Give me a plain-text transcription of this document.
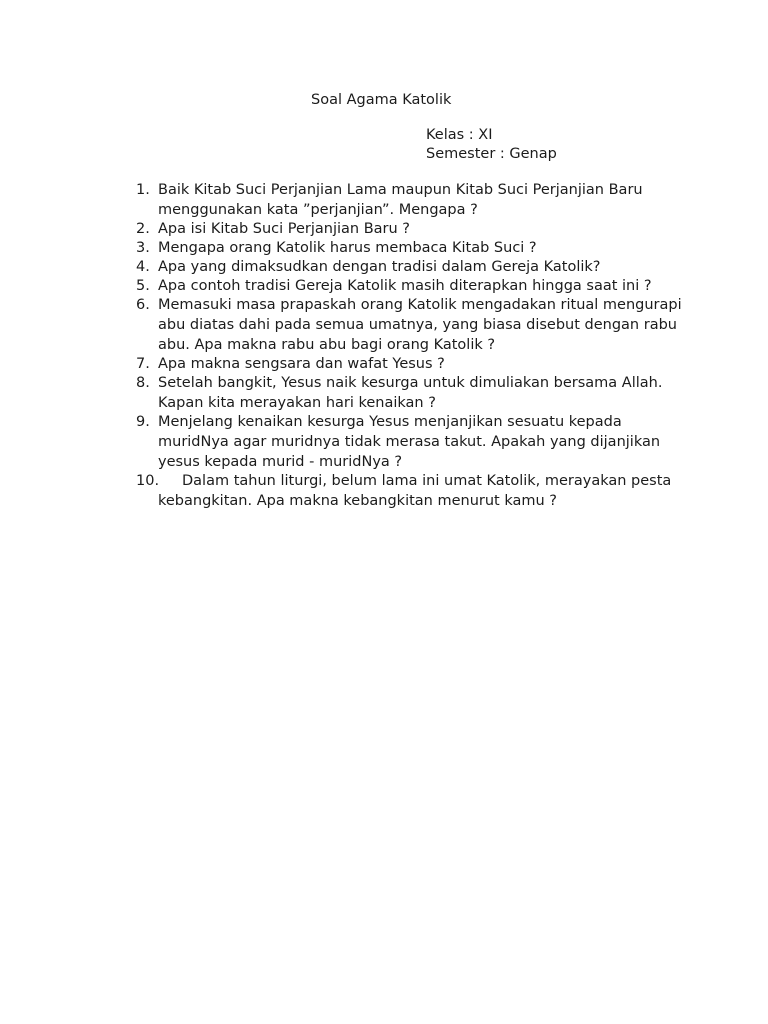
Soal Agama Katolik
Kelas : XI
Semester : Genap
1. Baik Kitab Suci Perjanjian Lama maupun Kitab Suci Perjanjian Baru menggunakan kata ”perjanjian”. Mengapa ?
2. Apa isi Kitab Suci Perjanjian Baru ?
3. Mengapa orang Katolik harus membaca Kitab Suci ?
4. Apa yang dimaksudkan dengan tradisi dalam Gereja Katolik?
5. Apa contoh tradisi Gereja Katolik masih diterapkan hingga saat ini ?
6. Memasuki masa prapaskah orang Katolik mengadakan ritual mengurapi abu diatas dahi pada semua umatnya, yang biasa disebut dengan rabu abu. Apa makna rabu abu bagi orang Katolik ?
7. Apa makna sengsara dan wafat Yesus ?
8. Setelah bangkit, Yesus naik kesurga untuk dimuliakan bersama Allah. Kapan kita merayakan hari kenaikan ?
9. Menjelang kenaikan kesurga Yesus menjanjikan sesuatu kepada muridNya agar muridnya tidak merasa takut. Apakah yang dijanjikan yesus kepada murid - muridNya ?
10.	Dalam tahun liturgi, belum lama ini umat Katolik, merayakan pesta kebangkitan. Apa makna kebangkitan menurut kamu ?
